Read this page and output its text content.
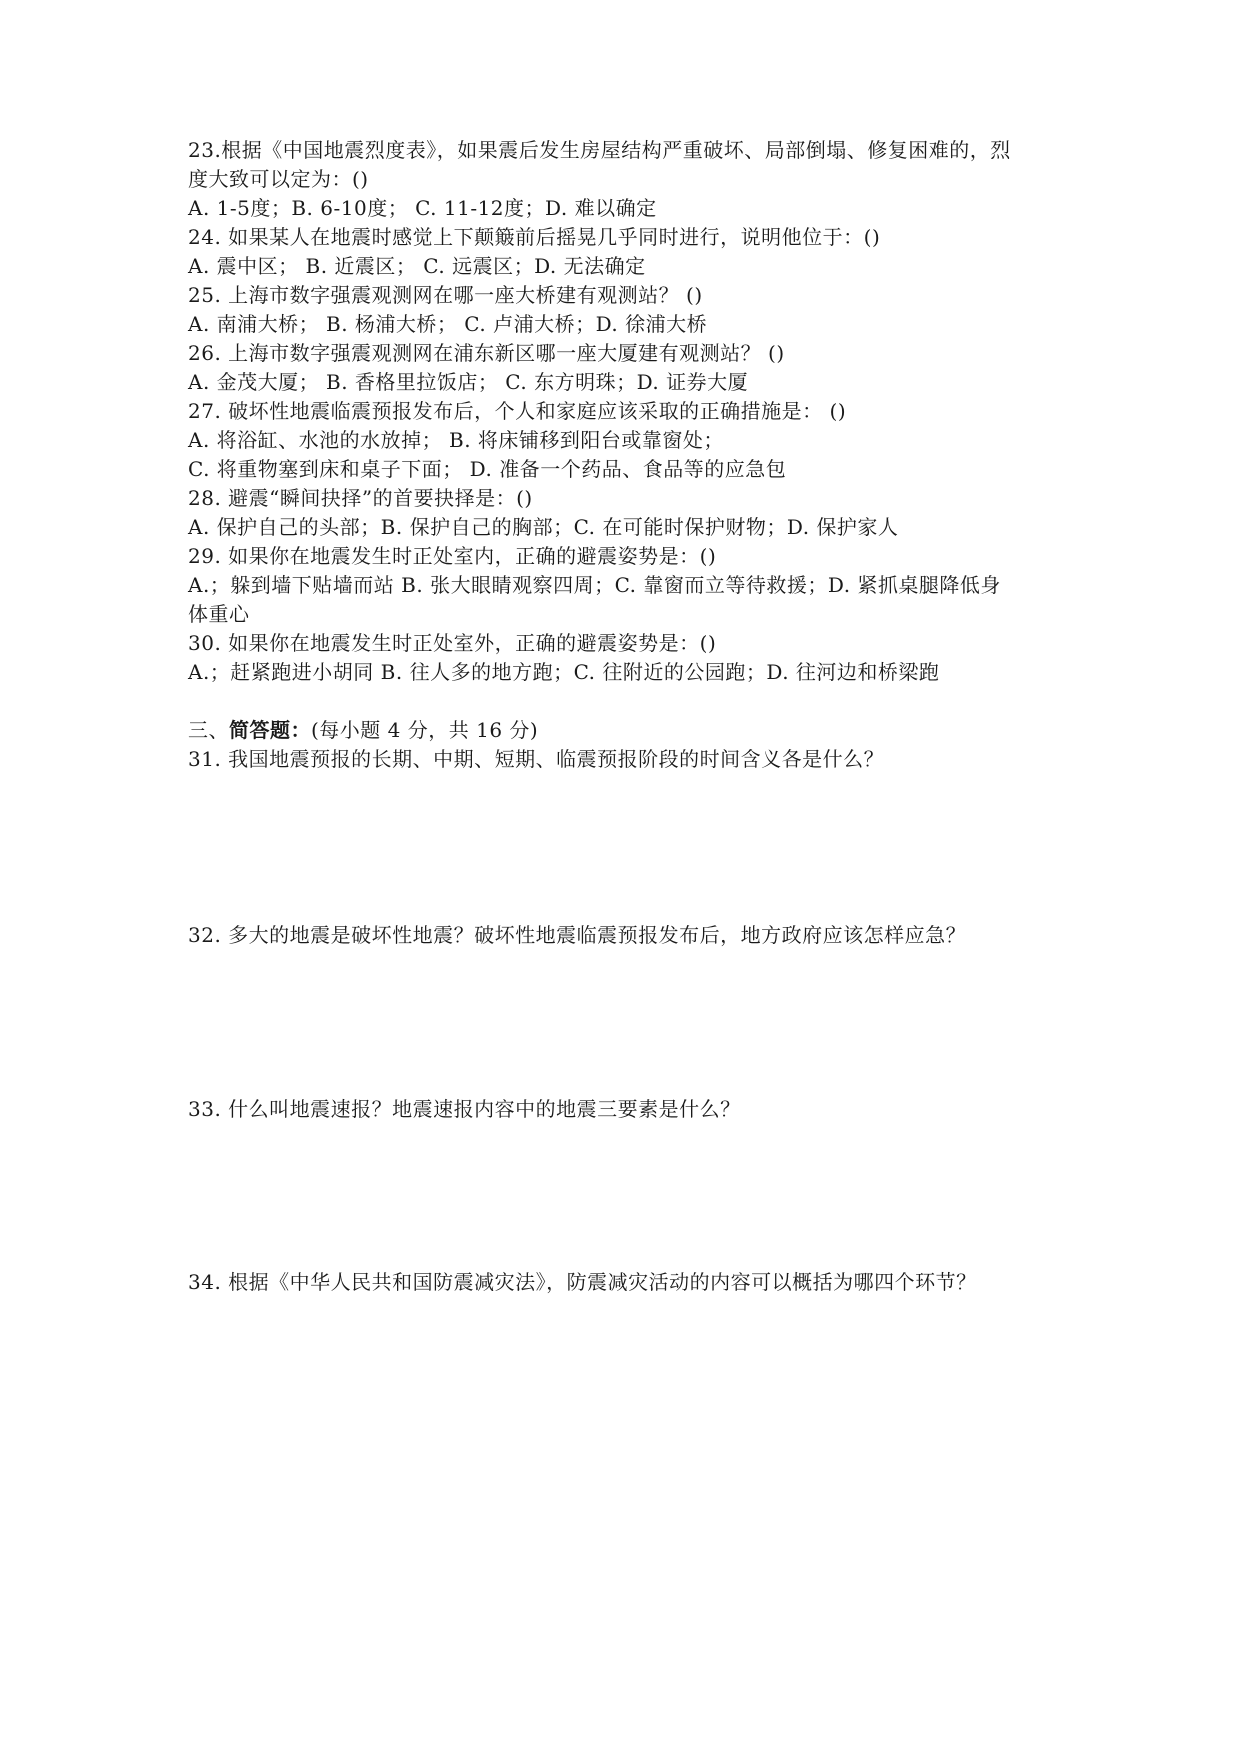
23.根据《中国地震烈度表》，如果震后发生房屋结构严重破坏、局部倒塌、修复困难的，烈
度大致可以定为：()
A. 1-5度；B. 6-10度； C. 11-12度；D. 难以确定
24. 如果某人在地震时感觉上下颠簸前后摇晃几乎同时进行，说明他位于：()
A. 震中区； B. 近震区； C. 远震区；D. 无法确定
25. 上海市数字强震观测网在哪一座大桥建有观测站？ ()
A. 南浦大桥； B. 杨浦大桥； C. 卢浦大桥；D. 徐浦大桥
26. 上海市数字强震观测网在浦东新区哪一座大厦建有观测站？ ()
A. 金茂大厦； B. 香格里拉饭店； C. 东方明珠；D. 证券大厦
27. 破坏性地震临震预报发布后，个人和家庭应该采取的正确措施是： ()
A. 将浴缸、水池的水放掉； B. 将床铺移到阳台或靠窗处；
C. 将重物塞到床和桌子下面； D. 准备一个药品、食品等的应急包
28. 避震“瞬间抉择”的首要抉择是：()
A. 保护自己的头部；B. 保护自己的胸部；C. 在可能时保护财物；D. 保护家人
29. 如果你在地震发生时正处室内，正确的避震姿势是：()
A.；躲到墙下贴墙而站 B. 张大眼睛观察四周；C. 靠窗而立等待救援；D. 紧抓桌腿降低身
体重心
30. 如果你在地震发生时正处室外，正确的避震姿势是：()
A.；赶紧跑进小胡同 B. 往人多的地方跑；C. 往附近的公园跑；D. 往河边和桥梁跑
三、简答题：(每小题 4 分，共 16 分)
31. 我国地震预报的长期、中期、短期、临震预报阶段的时间含义各是什么？
32. 多大的地震是破坏性地震？破坏性地震临震预报发布后，地方政府应该怎样应急？
33. 什么叫地震速报？地震速报内容中的地震三要素是什么？
34. 根据《中华人民共和国防震减灾法》，防震减灾活动的内容可以概括为哪四个环节？
